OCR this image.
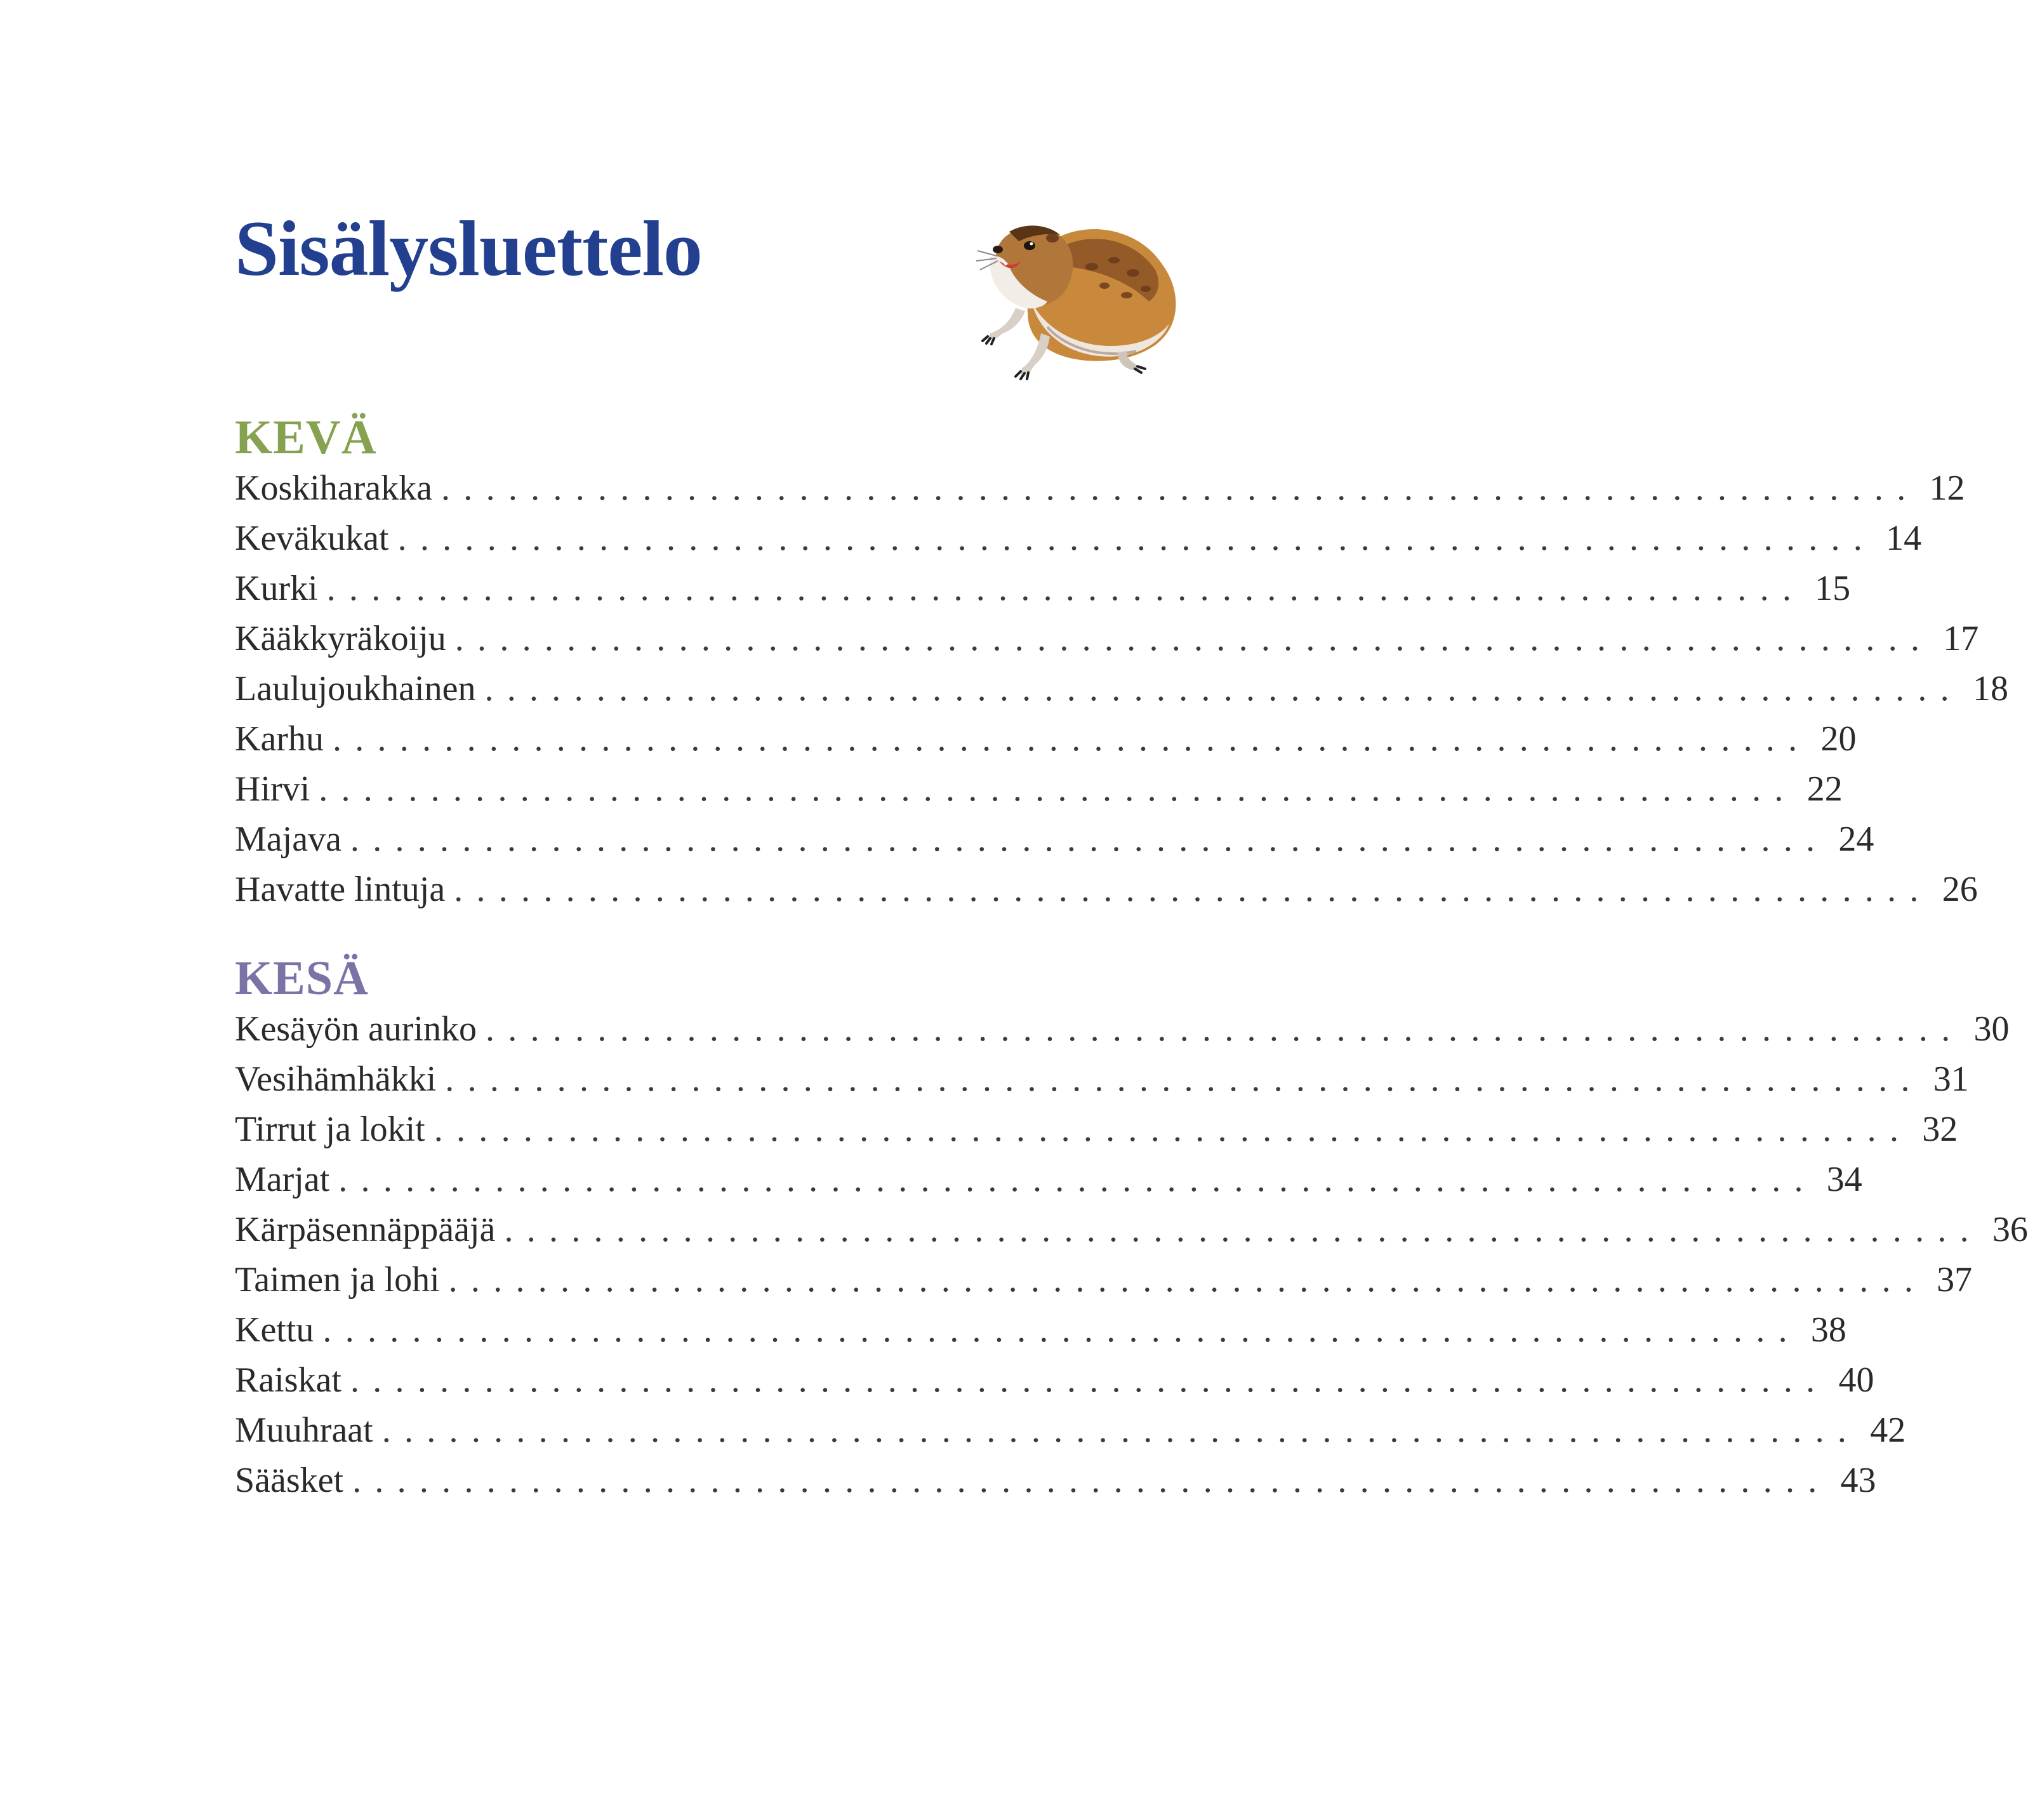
Sisälysluettelo
KEVÄ
Koskiharakka .................................................................. 12
Keväkukat .................................................................. 14
Kurki .................................................................. 15
Kääkkyräkoiju .................................................................. 17
Laulujoukhainen .................................................................. 18
Karhu .................................................................. 20
Hirvi .................................................................. 22
Majava .................................................................. 24
Havatte lintuja .................................................................. 26
KESÄ
Kesäyön aurinko .................................................................. 30
Vesihämhäkki .................................................................. 31
Tirrut ja lokit .................................................................. 32
Marjat .................................................................. 34
Kärpäsennäppääjä .................................................................. 36
Taimen ja lohi .................................................................. 37
Kettu .................................................................. 38
Raiskat .................................................................. 40
Muuhraat .................................................................. 42
Sääsket .................................................................. 43
